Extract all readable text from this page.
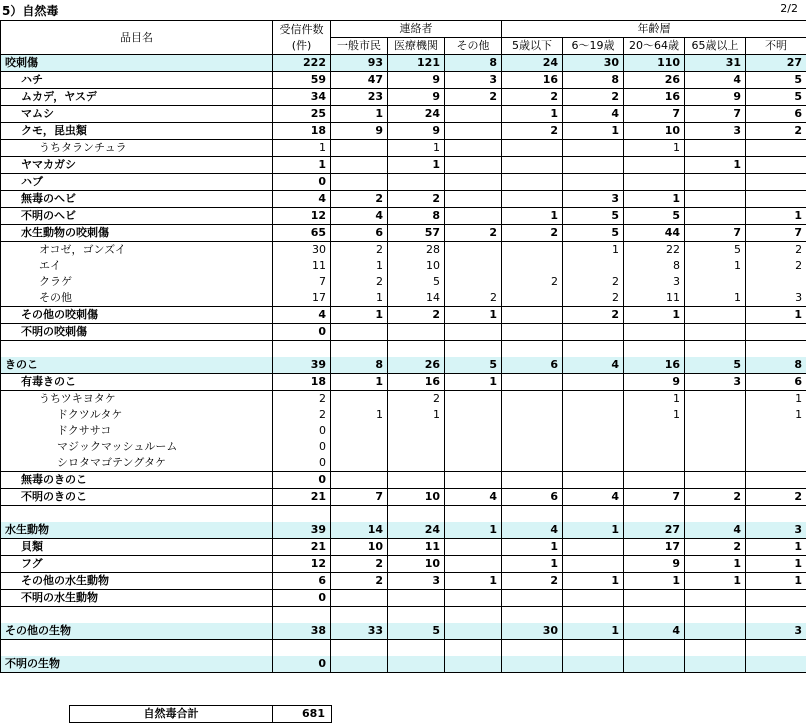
5）自然毒	2/2
品目名	受信件数
(件)	連絡者			年齢層				
		一般市民	医療機関	その他	5歳以下	6～19歳	20～64歳	65歳以上	不明
咬刺傷	222	93	121	8	24	30	110	31	27
ハチ	59	47	9	3	16	8	26	4	5
ムカデ，ヤスデ	34	23	9	2	2	2	16	9	5
マムシ	25	1	24		1	4	7	7	6
クモ，昆虫類	18	9	9		2	1	10	3	2
うちタランチュラ	1		1				1		
ヤマカガシ	1		1					1	
ハブ	0								
無毒のヘビ	4	2	2			3	1		
不明のヘビ	12	4	8		1	5	5		1
水生動物の咬刺傷	65	6	57	2	2	5	44	7	7
オコゼ，ゴンズイ	30	2	28			1	22	5	2
エイ	11	1	10				8	1	2
クラゲ	7	2	5		2	2	3		
その他	17	1	14	2		2	11	1	3
その他の咬刺傷	4	1	2	1		2	1		1
不明の咬刺傷	0								

きのこ	39	8	26	5	6	4	16	5	8
有毒きのこ	18	1	16	1			9	3	6
うちツキヨタケ	2		2				1		1
ドクツルタケ	2	1	1				1		1
ドクササコ	0								
マジックマッシュルーム	0								
シロタマゴテングタケ	0								
無毒のきのこ	0								
不明のきのこ	21	7	10	4	6	4	7	2	2

水生動物	39	14	24	1	4	1	27	4	3
貝類	21	10	11		1		17	2	1
フグ	12	2	10		1		9	1	1
その他の水生動物	6	2	3	1	2	1	1	1	1
不明の水生動物	0								

その他の生物	38	33	5		30	1	4		3

不明の生物	0								
自然毒合計	681
